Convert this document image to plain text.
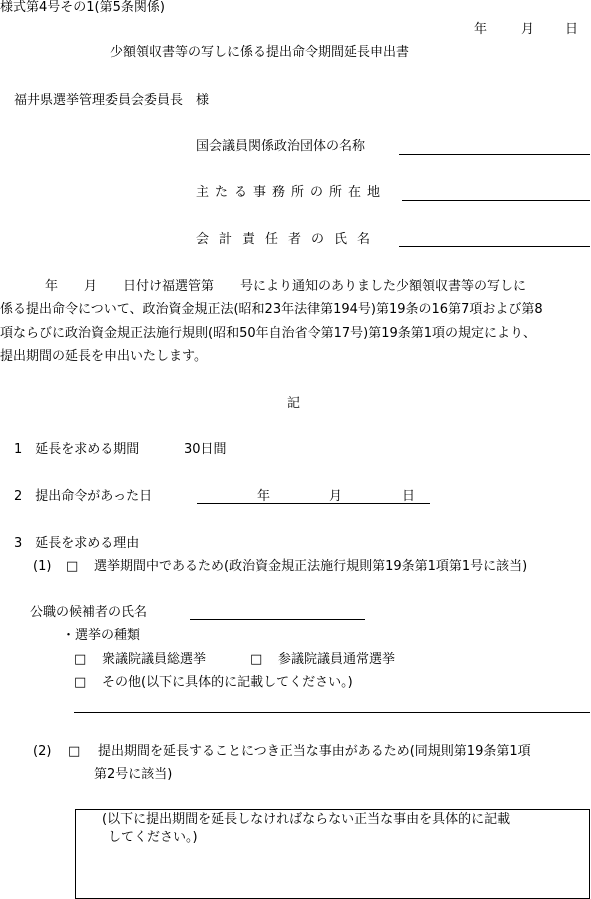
様式第4号その1(第5条関係)
年	月 日
少額領収書等の写しに係る提出命令期間延長申出書
福井県選挙管理委員会委員長　様
国会議員関係政治団体の名称
主たる事務所の所在地
会計責任者の氏名
年　　月　　日付け福選管第　　号により通知のありました少額領収書等の写しに
係る提出命令について、政治資金規正法(昭和23年法律第194号)第19条の16第7項および第8
項ならびに政治資金規正法施行規則(昭和50年自治省令第17号)第19条第1項の規定により、
提出期間の延長を申出いたします。
記
1　延長を求める期間	30日間
2　提出命令があった日	年	月	日
3　延長を求める理由
(1) □ 選挙期間中であるため(政治資金規正法施行規則第19条第1項第1号に該当)
公職の候補者の氏名
・選挙の種類
□ 衆議院議員総選挙	□ 参議院議員通常選挙
□ その他(以下に具体的に記載してください。)
(2) □ 提出期間を延長することにつき正当な事由があるため(同規則第19条第1項
第2号に該当)
(以下に提出期間を延長しなければならない正当な事由を具体的に記載
してください。)
